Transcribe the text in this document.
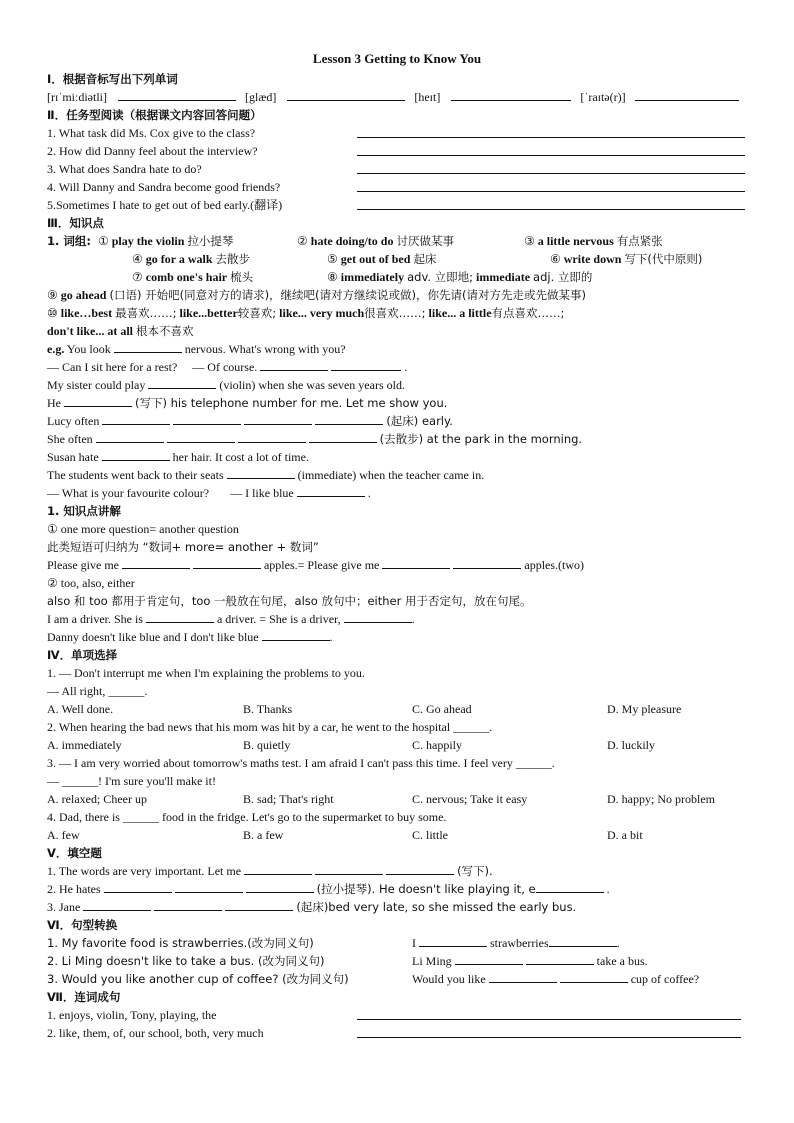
Lesson 3 Getting to Know You
Ⅰ．根据音标写出下列单词
[rɪˈmiːdiətli]	[glæd]	[heɪt]	[ˈraɪtə(r)]
Ⅱ．任务型阅读（根据课文内容回答问题）
1. What task did Ms. Cox give to the class?
2. How did Danny feel about the interview?
3. What does Sandra hate to do?
4. Will Danny and Sandra become good friends?
5.Sometimes I hate to get out of bed early.(翻译)
Ⅲ．知识点
1. 词组: ① play the violin 拉小提琴	② hate doing/to do 讨厌做某事	③ a little nervous 有点紧张
④ go for a walk 去散步	⑤ get out of bed 起床	⑥ write down 写下(代中原则)
⑦ comb one's hair 梳头	⑧ immediately adv. 立即地; immediate adj. 立即的
⑨ go ahead (口语) 开始吧(同意对方的请求)，继续吧(请对方继续说或做)，你先请(请对方先走或先做某事)
⑩ like…best 最喜欢……; like...better较喜欢; like... very much很喜欢……; like... a little有点喜欢……;
don't like... at all 根本不喜欢
e.g. You look	nervous. What's wrong with you?
— Can I sit here for a rest? — Of course.	.
My sister could play	(violin) when she was seven years old.
He	(写下) his telephone number for me. Let me show you.
Lucy often	(起床) early.
She often	(去散步) at the park in the morning.
Susan hate	her hair. It cost a lot of time.
The students went back to their seats	(immediate) when the teacher came in.
— What is your favourite colour? — I like blue	.
1. 知识点讲解
① one more question= another question
此类短语可归纳为 “数词+ more= another + 数词”
Please give me	apples.= Please give me	apples.(two)
② too, also, either
also 和 too 都用于肯定句，too 一般放在句尾，also 放句中；either 用于否定句，放在句尾。
I am a driver. She is	a driver. = She is a driver,	.
Danny doesn't like blue and I don't like blue	.
Ⅳ．单项选择
1. — Don't interrupt me when I'm explaining the problems to you.
— All right, ______.
A. Well done.	B. Thanks	C. Go ahead	D. My pleasure
2. When hearing the bad news that his mom was hit by a car, he went to the hospital ______.
A. immediately	B. quietly	C. happily	D. luckily
3. — I am very worried about tomorrow's maths test. I am afraid I can't pass this time. I feel very ______.
— ______! I'm sure you'll make it!
A. relaxed; Cheer up	B. sad; That's right	C. nervous; Take it easy	D. happy; No problem
4. Dad, there is ______ food in the fridge. Let's go to the supermarket to buy some.
A. few	B. a few	C. little	D. a bit
Ⅴ．填空题
1. The words are very important. Let me	(写下).
2. He hates	(拉小提琴). He doesn't like playing it, e	.
3. Jane	(起床)bed very late, so she missed the early bus.
Ⅵ．句型转换
1. My favorite food is strawberries.(改为同义句)	I	strawberries	.
2. Li Ming doesn't like to take a bus. (改为同义句)	Li Ming	take a bus.
3. Would you like another cup of coffee? (改为同义句)	Would you like	cup of coffee?
Ⅶ．连词成句
1. enjoys, violin, Tony, playing, the
2. like, them, of, our school, both, very much
